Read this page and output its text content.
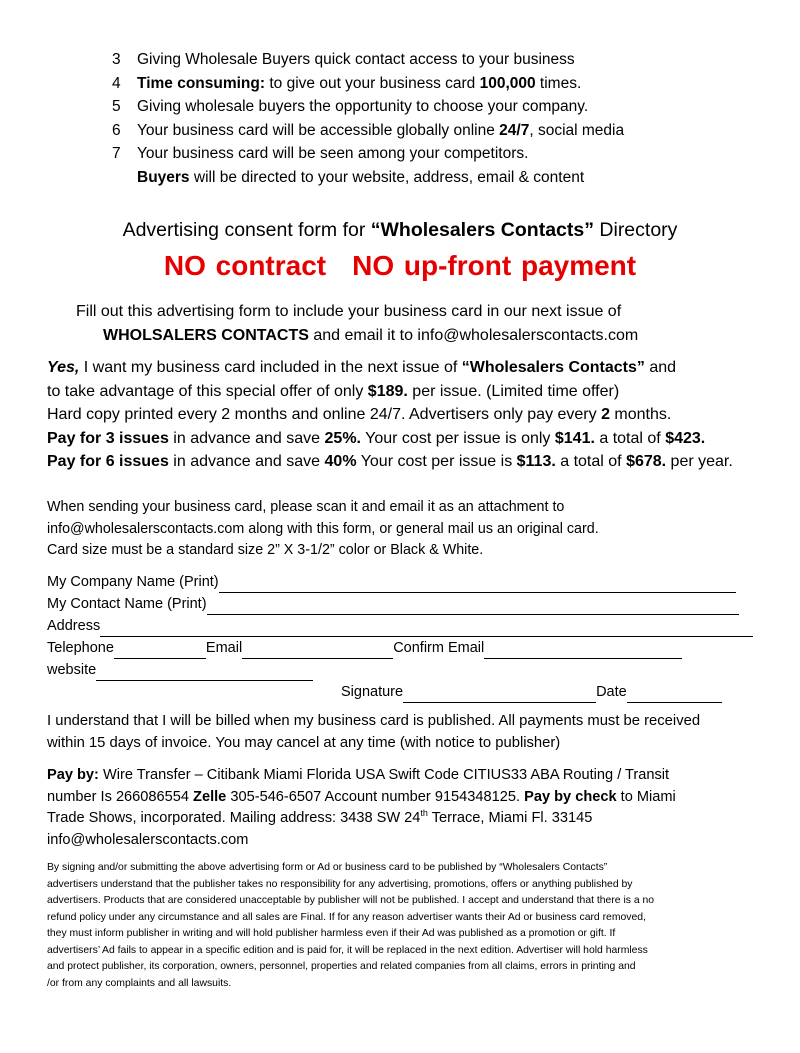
3	Giving Wholesale Buyers quick contact access to your business
4	Time consuming: to give out your business card 100,000 times.
5	Giving wholesale buyers the opportunity to choose your company.
6	Your business card will be accessible globally online 24/7, social media
7	Your business card will be seen among your competitors.
Buyers will be directed to your website, address, email & content
Advertising consent form for “Wholesalers Contacts” Directory
NO contract NO up-front payment
Fill out this advertising form to include your business card in our next issue of
WHOLSALERS CONTACTS and email it to info@wholesalerscontacts.com
Yes, I want my business card included in the next issue of “Wholesalers Contacts” and
to take advantage of this special offer of only $189. per issue. (Limited time offer)
Hard copy printed every 2 months and online 24/7. Advertisers only pay every 2 months.
Pay for 3 issues in advance and save 25%. Your cost per issue is only $141. a total of $423.
Pay for 6 issues in advance and save 40% Your cost per issue is $113. a total of $678. per year.
When sending your business card, please scan it and email it as an attachment to
info@wholesalerscontacts.com along with this form, or general mail us an original card.
Card size must be a standard size 2” X 3-1/2” color or Black & White.
My Company Name (Print)
My Contact Name (Print)
Address
Telephone	Email	Confirm Email
website
Signature	Date
I understand that I will be billed when my business card is published. All payments must be received
within 15 days of invoice. You may cancel at any time (with notice to publisher)
Pay by: Wire Transfer – Citibank Miami Florida USA Swift Code CITIUS33 ABA Routing / Transit
number Is 266086554 Zelle 305-546-6507 Account number 9154348125. Pay by check to Miami
Trade Shows, incorporated. Mailing address: 3438 SW 24th Terrace, Miami Fl. 33145
info@wholesalerscontacts.com
By signing and/or submitting the above advertising form or Ad or business card to be published by “Wholesalers Contacts”
advertisers understand that the publisher takes no responsibility for any advertising, promotions, offers or anything published by
advertisers. Products that are considered unacceptable by publisher will not be published. I accept and understand that there is a no
refund policy under any circumstance and all sales are Final. If for any reason advertiser wants their Ad or business card removed,
they must inform publisher in writing and will hold publisher harmless even if their Ad was published as a promotion or gift. If
advertisers’ Ad fails to appear in a specific edition and is paid for, it will be replaced in the next edition. Advertiser will hold harmless
and protect publisher, its corporation, owners, personnel, properties and related companies from all claims, errors in printing and
/or from any complaints and all lawsuits.
